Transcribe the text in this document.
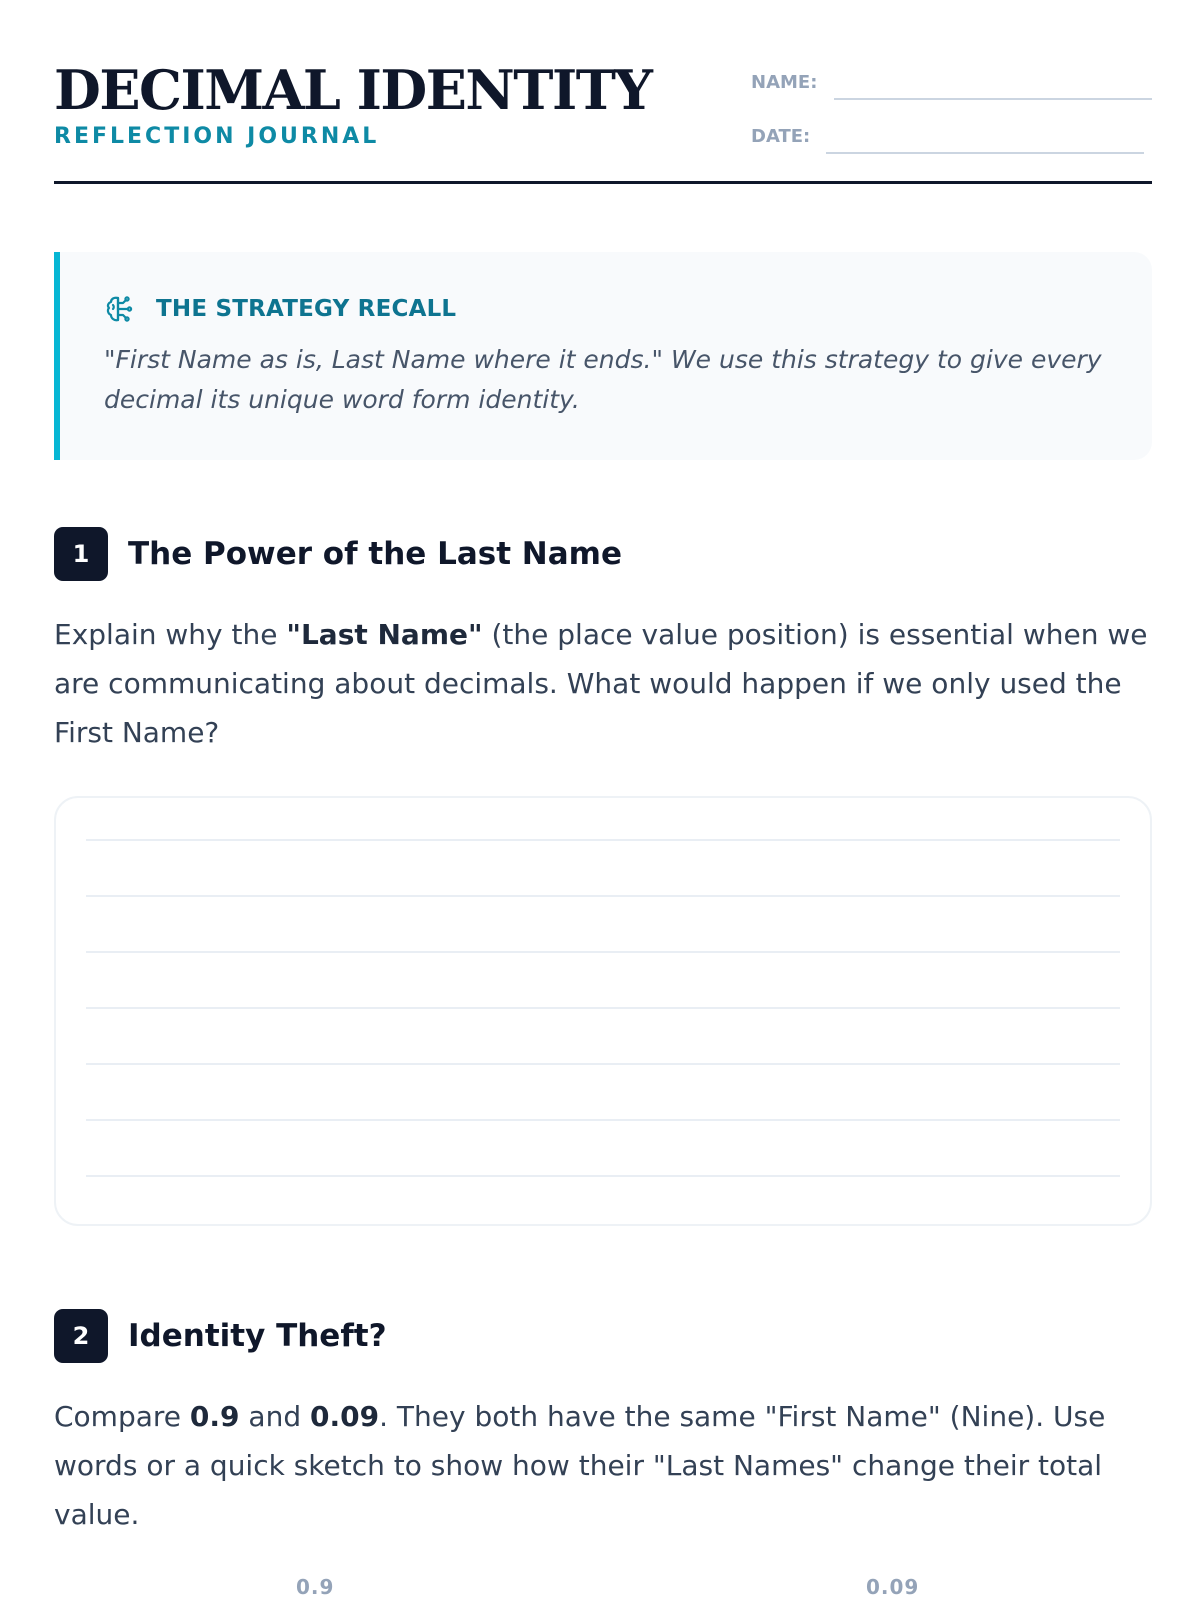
DECIMAL IDENTITY
REFLECTION JOURNAL
NAME:
DATE:
THE STRATEGY RECALL
"First Name as is, Last Name where it ends." We use this strategy to give every decimal its unique word form identity.
1	The Power of the Last Name

Explain why the "Last Name" (the place value position) is essential when we are communicating about decimals. What would happen if we only used the First Name?

2	Identity Theft?

Compare 0.9 and 0.09. They both have the same "First Name" (Nine). Use words or a quick sketch to show how their "Last Names" change their total value.

0.9	0.09
